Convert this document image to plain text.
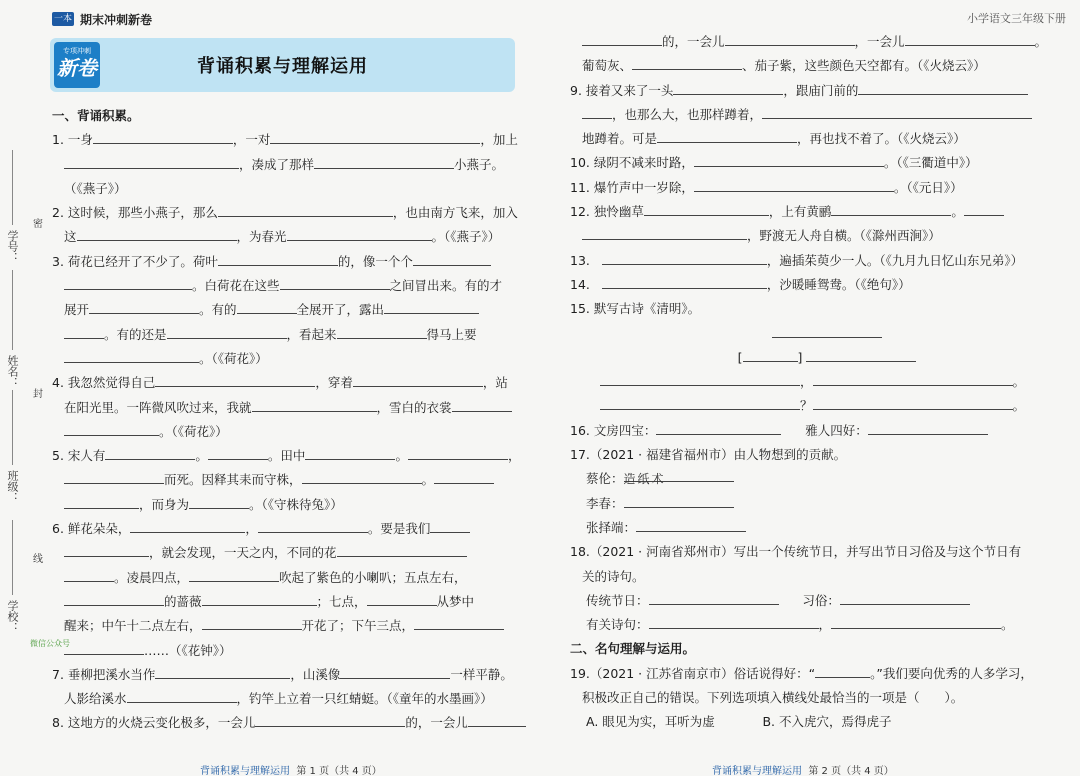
学校：
班级：
姓名：
学号：
密
封
线
一本 期末冲刺新卷
专项冲刺
新卷	背诵积累与理解运用
微信公众号
一、背诵积累。
1. 一身	，一对	，加上
，凑成了那样	小燕子。
（《燕子》）
2. 这时候，那些小燕子，那么	，也由南方飞来，加入
这	，为春光	。（《燕子》）
3. 荷花已经开了不少了。荷叶	的，像一个个
。白荷花在这些	之间冒出来。有的才
展开	。有的	全展开了，露出
。有的还是	，看起来	得马上要
。（《荷花》）
4. 我忽然觉得自己	，穿着	，站
在阳光里。一阵微风吹过来，我就	，雪白的衣裳
。（《荷花》）
5. 宋人有	。	。田中	。	，
而死。因释其耒而守株，	。
，而身为	。（《守株待兔》）
6. 鲜花朵朵，	，	。要是我们
，就会发现，一天之内，不同的花
。凌晨四点，	吹起了紫色的小喇叭；五点左右，
的蔷薇	；七点，	从梦中
醒来；中午十二点左右，	开花了；下午三点，
……（《花钟》）
7. 垂柳把溪水当作	，山溪像	一样平静。
人影给溪水	，钓竿上立着一只红蜻蜓。（《童年的水墨画》）
8. 这地方的火烧云变化极多，一会儿	的，一会儿
背诵积累与理解运用 第 1 页（共 4 页）
小学语文三年级下册
的，一会儿	，一会儿	。
葡萄灰、	、茄子紫，这些颜色天空都有。（《火烧云》）
9. 接着又来了一头	，跟庙门前的
，也那么大，也那样蹲着，
地蹲着。可是	，再也找不着了。（《火烧云》）
10. 绿阴不减来时路，	。（《三衢道中》）
11. 爆竹声中一岁除，	。（《元日》）
12. 独怜幽草	，上有黄鹂	。
，野渡无人舟自横。（《滁州西涧》）
13.	，遍插茱萸少一人。（《九月九日忆山东兄弟》）
14.	，沙暖睡鸳鸯。（《绝句》）
15. 默写古诗《清明》。
[	]
，	。
？	。
16. 文房四宝：	雅人四好：
17.（2021 · 福建省福州市）由人物想到的贡献。
蔡伦：造纸术
李春：
张择端：
18.（2021 · 河南省郑州市）写出一个传统节日，并写出节日习俗及与这个节日有
关的诗句。
传统节日：	习俗：
有关诗句：	，	。
二、名句理解与运用。
19.（2021 · 江苏省南京市）俗话说得好：“	。”我们要向优秀的人多学习，
积极改正自己的错误。下列选项填入横线处最恰当的一项是（　　）。
A. 眼见为实，耳听为虚	B. 不入虎穴，焉得虎子
背诵积累与理解运用 第 2 页（共 4 页）
